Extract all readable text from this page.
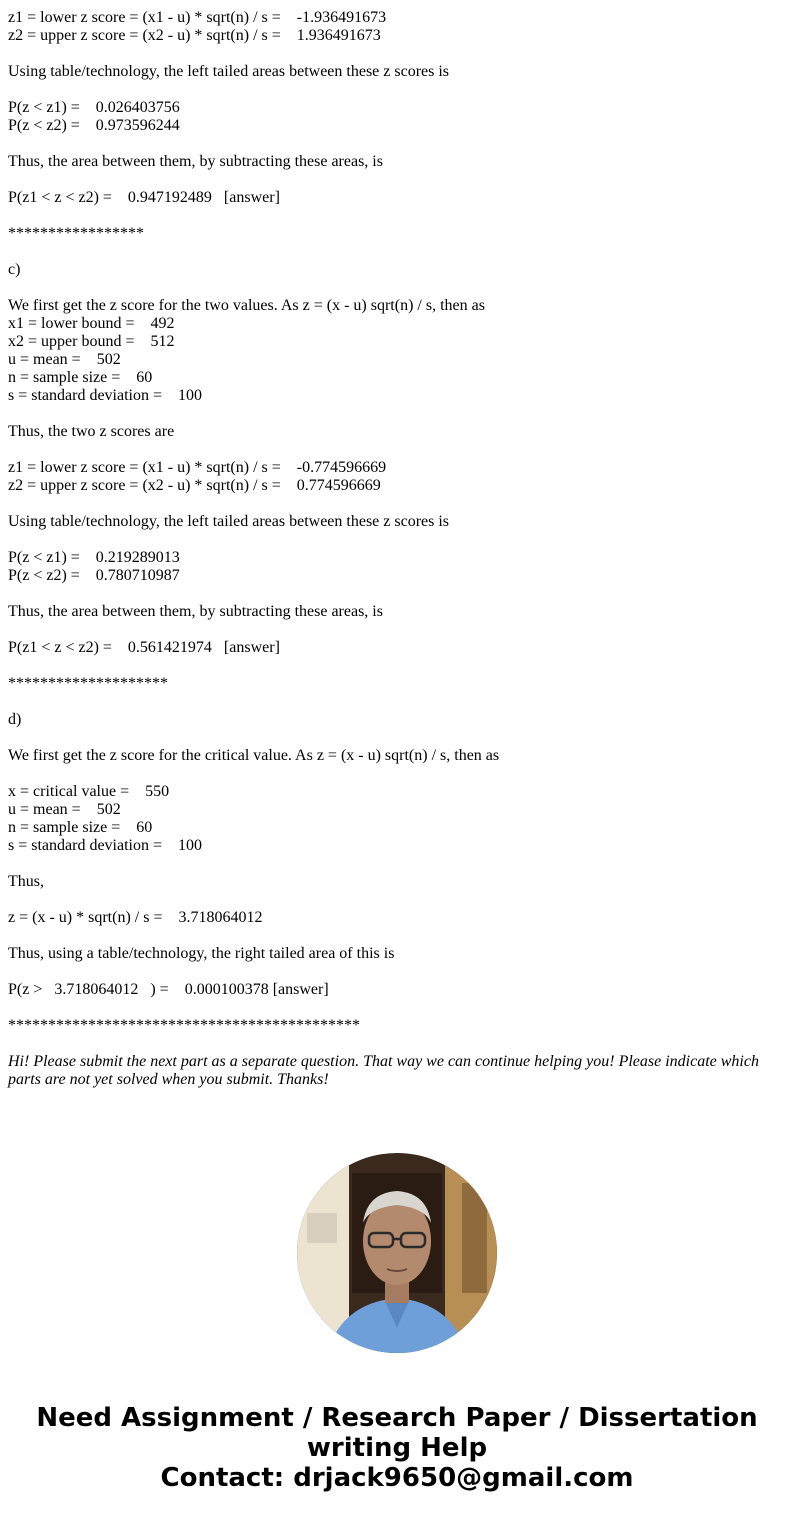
z1 = lower z score = (x1 - u) * sqrt(n) / s =    -1.936491673
z2 = upper z score = (x2 - u) * sqrt(n) / s =    1.936491673
Using table/technology, the left tailed areas between these z scores is
P(z < z1) =    0.026403756
P(z < z2) =    0.973596244
Thus, the area between them, by subtracting these areas, is
P(z1 < z < z2) =    0.947192489   [answer]
*****************
c)
We first get the z score for the two values. As z = (x - u) sqrt(n) / s, then as
x1 = lower bound =    492
x2 = upper bound =    512
u = mean =    502
n = sample size =    60
s = standard deviation =    100
Thus, the two z scores are
z1 = lower z score = (x1 - u) * sqrt(n) / s =    -0.774596669
z2 = upper z score = (x2 - u) * sqrt(n) / s =    0.774596669
Using table/technology, the left tailed areas between these z scores is
P(z < z1) =    0.219289013
P(z < z2) =    0.780710987
Thus, the area between them, by subtracting these areas, is
P(z1 < z < z2) =    0.561421974   [answer]
********************
d)
We first get the z score for the critical value. As z = (x - u) sqrt(n) / s, then as
x = critical value =    550
u = mean =    502
n = sample size =    60
s = standard deviation =    100
Thus,
z = (x - u) * sqrt(n) / s =    3.718064012
Thus, using a table/technology, the right tailed area of this is
P(z >   3.718064012   ) =    0.000100378 [answer]
********************************************
Hi! Please submit the next part as a separate question. That way we can continue helping you! Please indicate which parts are not yet solved when you submit. Thanks!
Need Assignment / Research Paper / Dissertation
writing Help
Contact: drjack9650@gmail.com
